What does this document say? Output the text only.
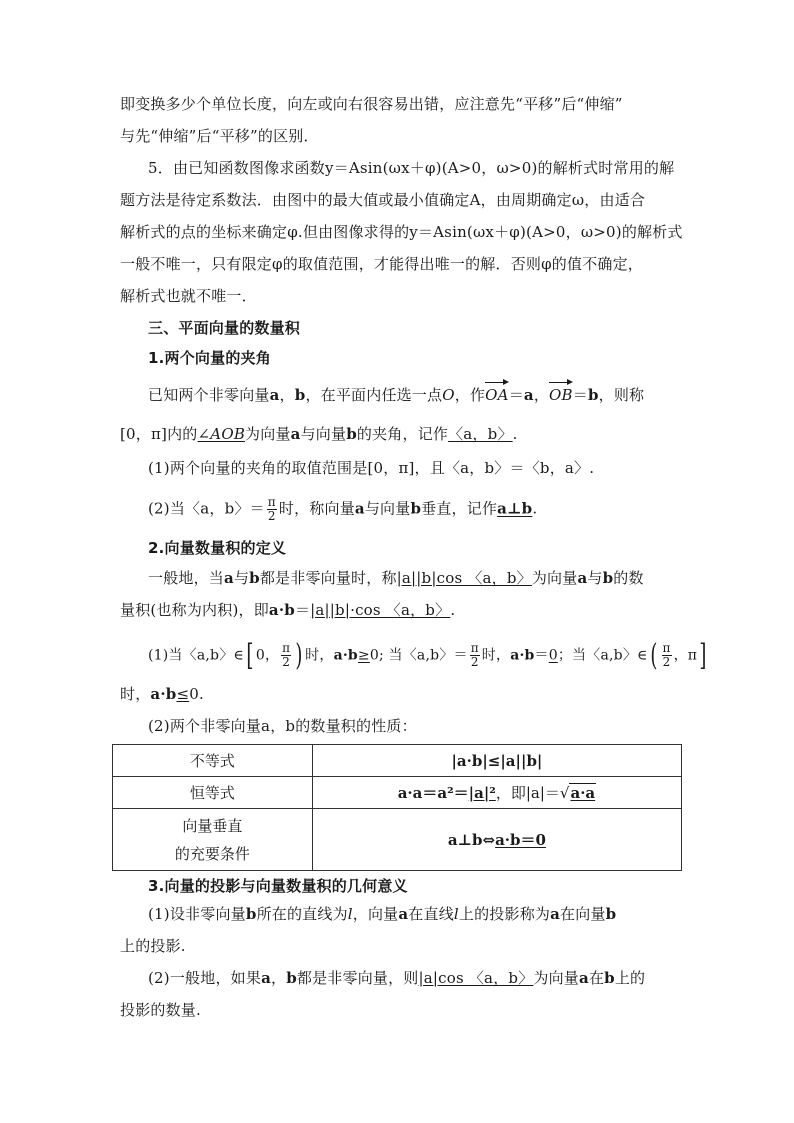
即变换多少个单位长度，向左或向右很容易出错，应注意先“平移”后“伸缩”
与先“伸缩”后“平移”的区别．
5．由已知函数图像求函数y＝Asin(ωx＋φ)(A>0，ω>0)的解析式时常用的解
题方法是待定系数法．由图中的最大值或最小值确定A，由周期确定ω，由适合
解析式的点的坐标来确定φ.但由图像求得的y＝Asin(ωx＋φ)(A>0，ω>0)的解析式
一般不唯一，只有限定φ的取值范围，才能得出唯一的解．否则φ的值不确定，
解析式也就不唯一．
三、平面向量的数量积
1.两个向量的夹角
已知两个非零向量a，b，在平面内任选一点O，作OA＝a，OB＝b，则称
[0，π]内的∠AOB为向量a与向量b的夹角，记作〈a，b〉.
(1)两个向量的夹角的取值范围是[0，π]，且〈a，b〉＝〈b，a〉.
(2)当〈a，b〉＝ $\frac{\pi}{2}$ 时，称向量a与向量b垂直，记作a⊥b.
2.向量数量积的定义
一般地，当a与b都是非零向量时，称|a||b|cos 〈a，b〉为向量a与b的数
量积(也称为内积)，即a·b＝|a||b|·cos 〈a，b〉.
(1)当〈a,b〉∈[ 0， $\frac{\pi}{2}$ ) 时，a·b≥0; 当〈a,b〉＝ $\frac{\pi}{2}$ 时，a·b＝0；当〈a,b〉∈( $\frac{\pi}{2}$ ，π]
时，a·b≤0.
(2)两个非零向量a，b的数量积的性质：
不等式	|a·b|≤|a||b|
恒等式	a·a＝a²＝|a|²，即|a|＝√a·a

向量垂直
的充要条件	a⊥b⇔a·b＝0
3.向量的投影与向量数量积的几何意义
(1)设非零向量b所在的直线为l，向量a在直线l上的投影称为a在向量b
上的投影.
(2)一般地，如果a，b都是非零向量，则|a|cos 〈a，b〉为向量a在b上的
投影的数量.
